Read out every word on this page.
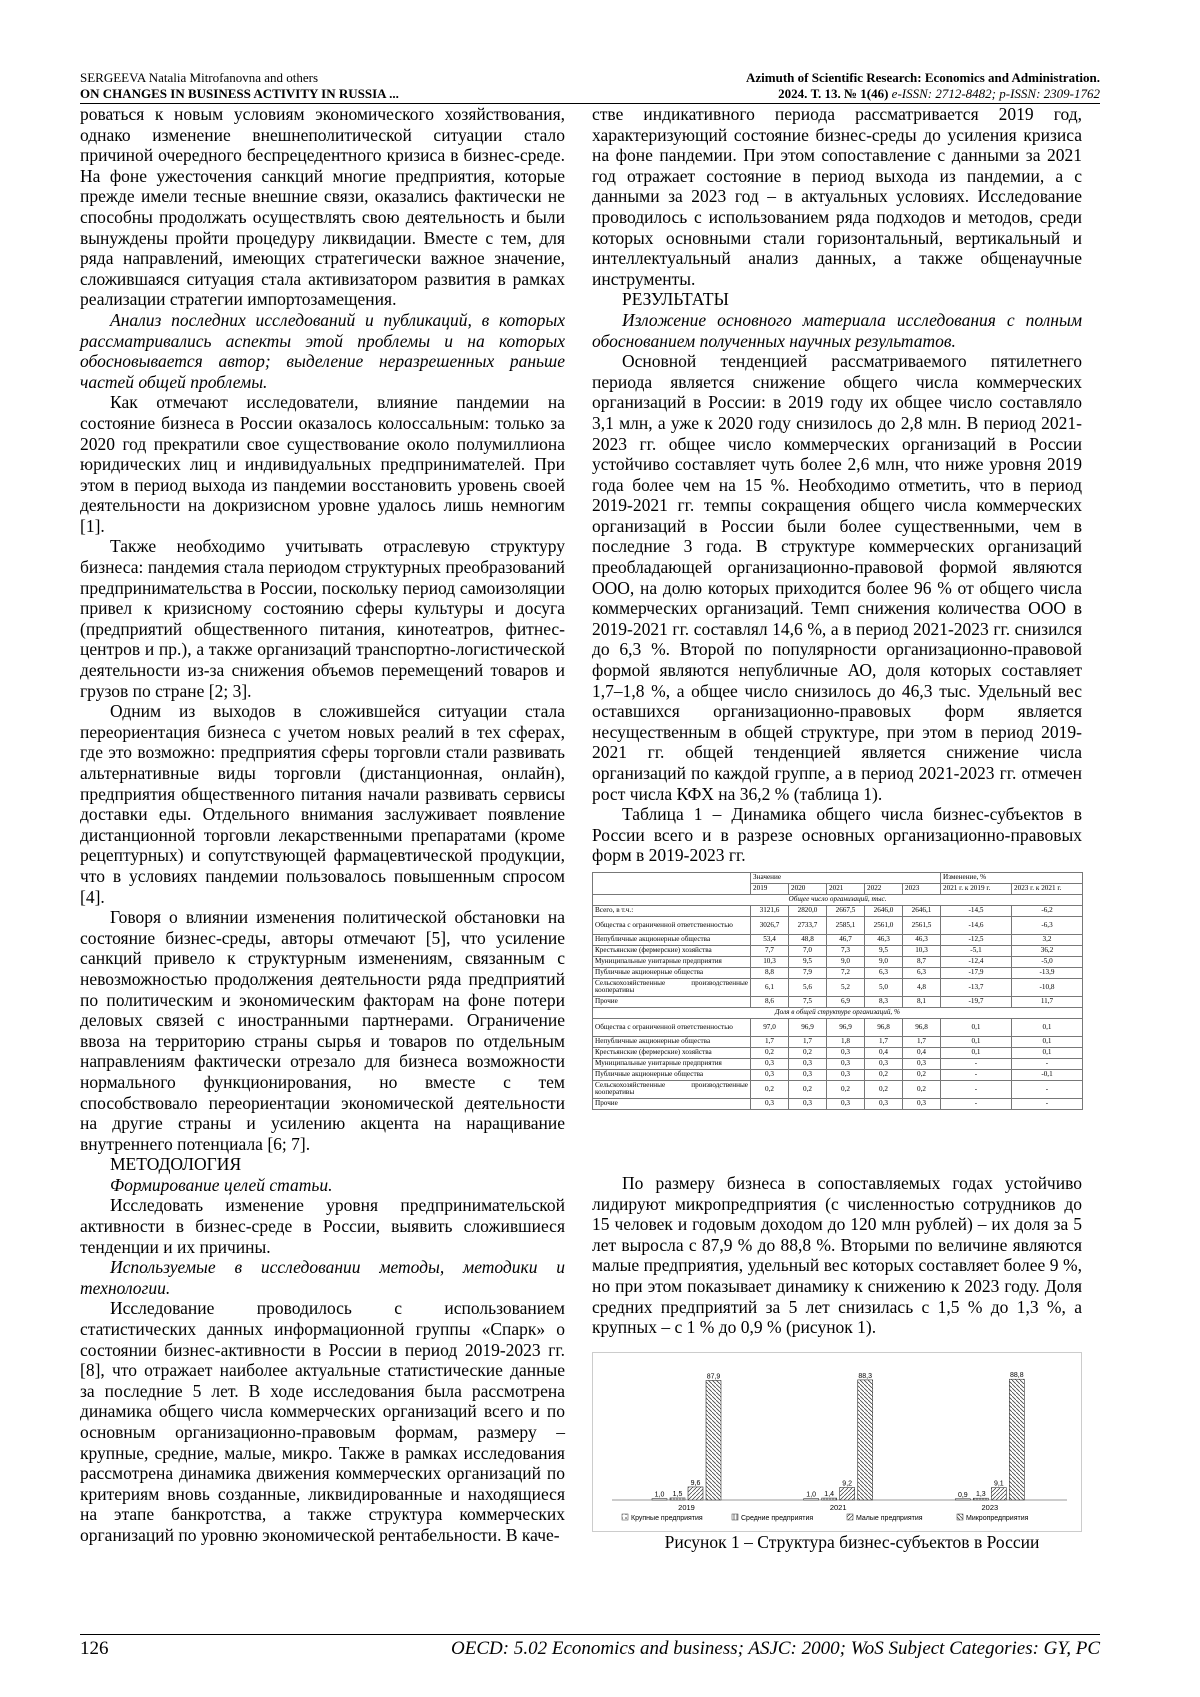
SERGEEVA Natalia Mitrofanovna and others
ON CHANGES IN BUSINESS ACTIVITY IN RUSSIA ...
Azimuth of Scientific Research: Economics and Administration.
2024. Т. 13. № 1(46) e-ISSN: 2712-8482; p-ISSN: 2309-1762

роваться к новым условиям экономического хозяйствования, однако изменение внешнеполитической ситуации стало причиной очередного беспрецедентного кризиса в бизнес-среде. На фоне ужесточения санкций многие предприятия, которые прежде имели тесные внешние связи, оказались фактически не способны продолжать осуществлять свою деятельность и были вынуждены пройти процедуру ликвидации. Вместе с тем, для ряда направлений, имеющих стратегически важное значение, сложившаяся ситуация стала активизатором развития в рамках реализации стратегии импортозамещения.

Анализ последних исследований и публикаций, в которых рассматривались аспекты этой проблемы и на которых обосновывается автор; выделение неразрешенных раньше частей общей проблемы.

Как отмечают исследователи, влияние пандемии на состояние бизнеса в России оказалось колоссальным: только за 2020 год прекратили свое существование около полумиллиона юридических лиц и индивидуальных предпринимателей. При этом в период выхода из пандемии восстановить уровень своей деятельности на докризисном уровне удалось лишь немногим [1].

Также необходимо учитывать отраслевую структуру бизнеса: пандемия стала периодом структурных преобразований предпринимательства в России, поскольку период самоизоляции привел к кризисному состоянию сферы культуры и досуга (предприятий общественного питания, кинотеатров, фитнес-центров и пр.), а также организаций транспортно-логистической деятельности из-за снижения объемов перемещений товаров и грузов по стране [2; 3].

Одним из выходов в сложившейся ситуации стала переориентация бизнеса с учетом новых реалий в тех сферах, где это возможно: предприятия сферы торговли стали развивать альтернативные виды торговли (дистанционная, онлайн), предприятия общественного питания начали развивать сервисы доставки еды. Отдельного внимания заслуживает появление дистанционной торговли лекарственными препаратами (кроме рецептурных) и сопутствующей фармацевтической продукции, что в условиях пандемии пользовалось повышенным спросом [4].

Говоря о влиянии изменения политической обстановки на состояние бизнес-среды, авторы отмечают [5], что усиление санкций привело к структурным изменениям, связанным с невозможностью продолжения деятельности ряда предприятий по политическим и экономическим факторам на фоне потери деловых связей с иностранными партнерами. Ограничение ввоза на территорию страны сырья и товаров по отдельным направлениям фактически отрезало для бизнеса возможности нормального функционирования, но вместе с тем способствовало переориентации экономической деятельности на другие страны и усилению акцента на наращивание внутреннего потенциала [6; 7].

МЕТОДОЛОГИЯ

Формирование целей статьи.

Исследовать изменение уровня предпринимательской активности в бизнес-среде в России, выявить сложившиеся тенденции и их причины.

Используемые в исследовании методы, методики и технологии.

Исследование проводилось с использованием статистических данных информационной группы «Спарк» о состоянии бизнес-активности в России в период 2019-2023 гг. [8], что отражает наиболее актуальные статистические данные за последние 5 лет. В ходе исследования была рассмотрена динамика общего числа коммерческих организаций всего и по основным организационно-правовым формам, размеру – крупные, средние, малые, микро. Также в рамках исследования рассмотрена динамика движения коммерческих организаций по критериям вновь созданные, ликвидированные и находящиеся на этапе банкротства, а также структура коммерческих организаций по уровню экономической рентабельности. В каче-

стве индикативного периода рассматривается 2019 год, характеризующий состояние бизнес-среды до усиления кризиса на фоне пандемии. При этом сопоставление с данными за 2021 год отражает состояние в период выхода из пандемии, а с данными за 2023 год – в актуальных условиях. Исследование проводилось с использованием ряда подходов и методов, среди которых основными стали горизонтальный, вертикальный и интеллектуальный анализ данных, а также общенаучные инструменты.

РЕЗУЛЬТАТЫ

Изложение основного материала исследования с полным обоснованием полученных научных результатов.

Основной тенденцией рассматриваемого пятилетнего периода является снижение общего числа коммерческих организаций в России: в 2019 году их общее число составляло 3,1 млн, а уже к 2020 году снизилось до 2,8 млн. В период 2021-2023 гг. общее число коммерческих организаций в России устойчиво составляет чуть более 2,6 млн, что ниже уровня 2019 года более чем на 15 %. Необходимо отметить, что в период 2019-2021 гг. темпы сокращения общего числа коммерческих организаций в России были более существенными, чем в последние 3 года. В структуре коммерческих организаций преобладающей организационно-правовой формой являются ООО, на долю которых приходится более 96 % от общего числа коммерческих организаций. Темп снижения количества ООО в 2019-2021 гг. составлял 14,6 %, а в период 2021-2023 гг. снизился до 6,3 %. Второй по популярности организационно-правовой формой являются непубличные АО, доля которых составляет 1,7–1,8 %, а общее число снизилось до 46,3 тыс. Удельный вес оставшихся организационно-правовых форм является несущественным в общей структуре, при этом в период 2019-2021 гг. общей тенденцией является снижение числа организаций по каждой группе, а в период 2021-2023 гг. отмечен рост числа КФХ на 36,2 % (таблица 1).

Таблица 1 – Динамика общего числа бизнес-субъектов в России всего и в разрезе основных организационно-правовых форм в 2019-2023 гг.

	Значение					Изменение, %	
	2019	2020	2021	2022	2023	2021 г. к 2019 г.	2023 г. к 2021 г.
Общее число организаций, тыс.							
Всего, в т.ч.:	3121,6	2820,0	2667,5	2646,0	2646,1	-14,5	-6,2
Общества с ограниченной ответственностью	3026,7	2733,7	2585,1	2561,0	2561,5	-14,6	-6,3
Непубличные акционерные общества	53,4	48,8	46,7	46,3	46,3	-12,5	3,2
Крестьянские (фермерские) хозяйства	7,7	7,0	7,3	9,5	10,3	-5,1	36,2
Муниципальные унитарные предприятия	10,3	9,5	9,0	9,0	8,7	-12,4	-5,0
Публичные акционерные общества	8,8	7,9	7,2	6,3	6,3	-17,9	-13,9
Сельскохозяйственные производственные кооперативы	6,1	5,6	5,2	5,0	4,8	-13,7	-10,8
Прочие	8,6	7,5	6,9	8,3	8,1	-19,7	11,7
Доля в общей структуре организаций, %							
Общества с ограниченной ответственностью	97,0	96,9	96,9	96,8	96,8	0,1	0,1
Непубличные акционерные общества	1,7	1,7	1,8	1,7	1,7	0,1	0,1
Крестьянские (фермерские) хозяйства	0,2	0,2	0,3	0,4	0,4	0,1	0,1
Муниципальные унитарные предприятия	0,3	0,3	0,3	0,3	0,3	-	-
Публичные акционерные общества	0,3	0,3	0,3	0,2	0,2	-	-0,1
Сельскохозяйственные производственные кооперативы	0,2	0,2	0,2	0,2	0,2	-	-
Прочие	0,3	0,3	0,3	0,3	0,3	-	-

По размеру бизнеса в сопоставляемых годах устойчиво лидируют микропредприятия (с численностью сотрудников до 15 человек и годовым доходом до 120 млн рублей) – их доля за 5 лет выросла с 87,9 % до 88,8 %. Вторыми по величине являются малые предприятия, удельный вес которых составляет более 9 %, но при этом показывает динамику к снижению к 2023 году. Доля средних предприятий за 5 лет снизилась с 1,5 % до 1,3 %, а крупных – с 1 % до 0,9 % (рисунок 1).

1,0 1,5
9,6
87,9
2019
1,0 1,4
9,2
88,3
2021
0,9 1,3
9,1
88,8
2023
Крупные предприятия	Средние предприятия	Малые предприятия	Микропредприятия

Рисунок 1 – Структура бизнес-субъектов в России

126	OECD: 5.02 Economics and business; ASJC: 2000; WoS Subject Categories: GY, PC
